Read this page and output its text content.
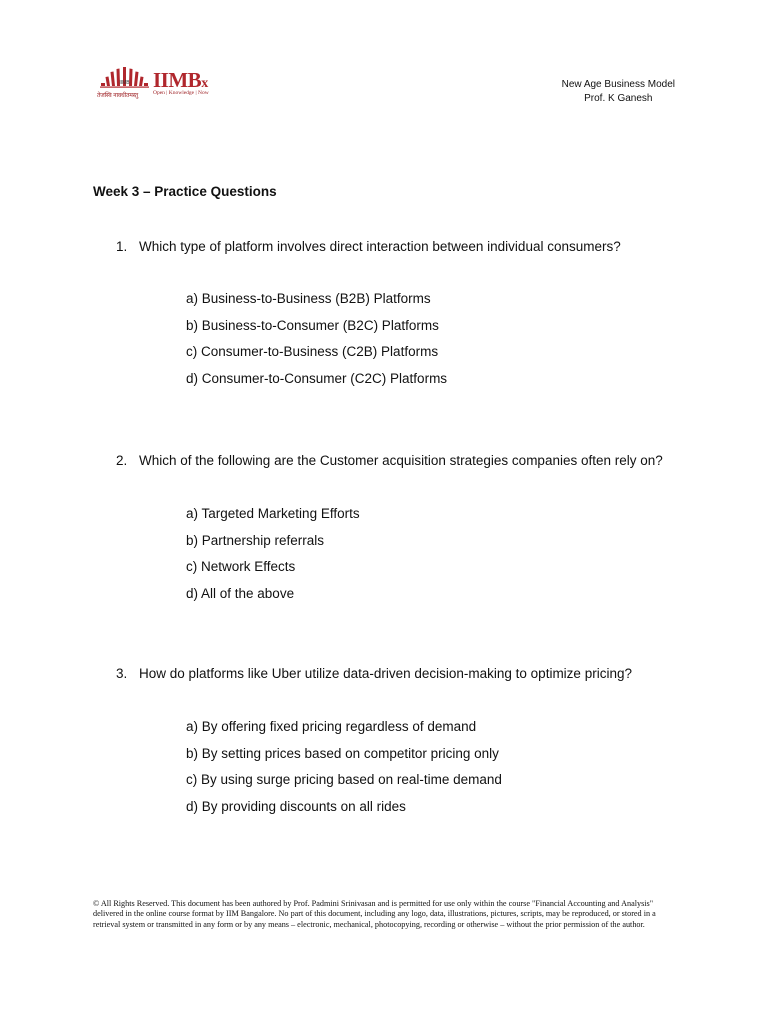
IIMB
तेजस्वि नावधीतमस्तु
IIMBx
Open | Knowledge | Now
New Age Business Model
Prof. K Ganesh
Week 3 – Practice Questions
1. Which type of platform involves direct interaction between individual consumers?
a) Business-to-Business (B2B) Platforms
b) Business-to-Consumer (B2C) Platforms
c) Consumer-to-Business (C2B) Platforms
d) Consumer-to-Consumer (C2C) Platforms
2. Which of the following are the Customer acquisition strategies companies often rely on?
a) Targeted Marketing Efforts
b) Partnership referrals
c) Network Effects
d) All of the above
3. How do platforms like Uber utilize data-driven decision-making to optimize pricing?
a) By offering fixed pricing regardless of demand
b) By setting prices based on competitor pricing only
c) By using surge pricing based on real-time demand
d) By providing discounts on all rides
© All Rights Reserved. This document has been authored by Prof. Padmini Srinivasan and is permitted for use only within the course "Financial Accounting and Analysis" delivered in the online course format by IIM Bangalore. No part of this document, including any logo, data, illustrations, pictures, scripts, may be reproduced, or stored in a retrieval system or transmitted in any form or by any means – electronic, mechanical, photocopying, recording or otherwise – without the prior permission of the author.
